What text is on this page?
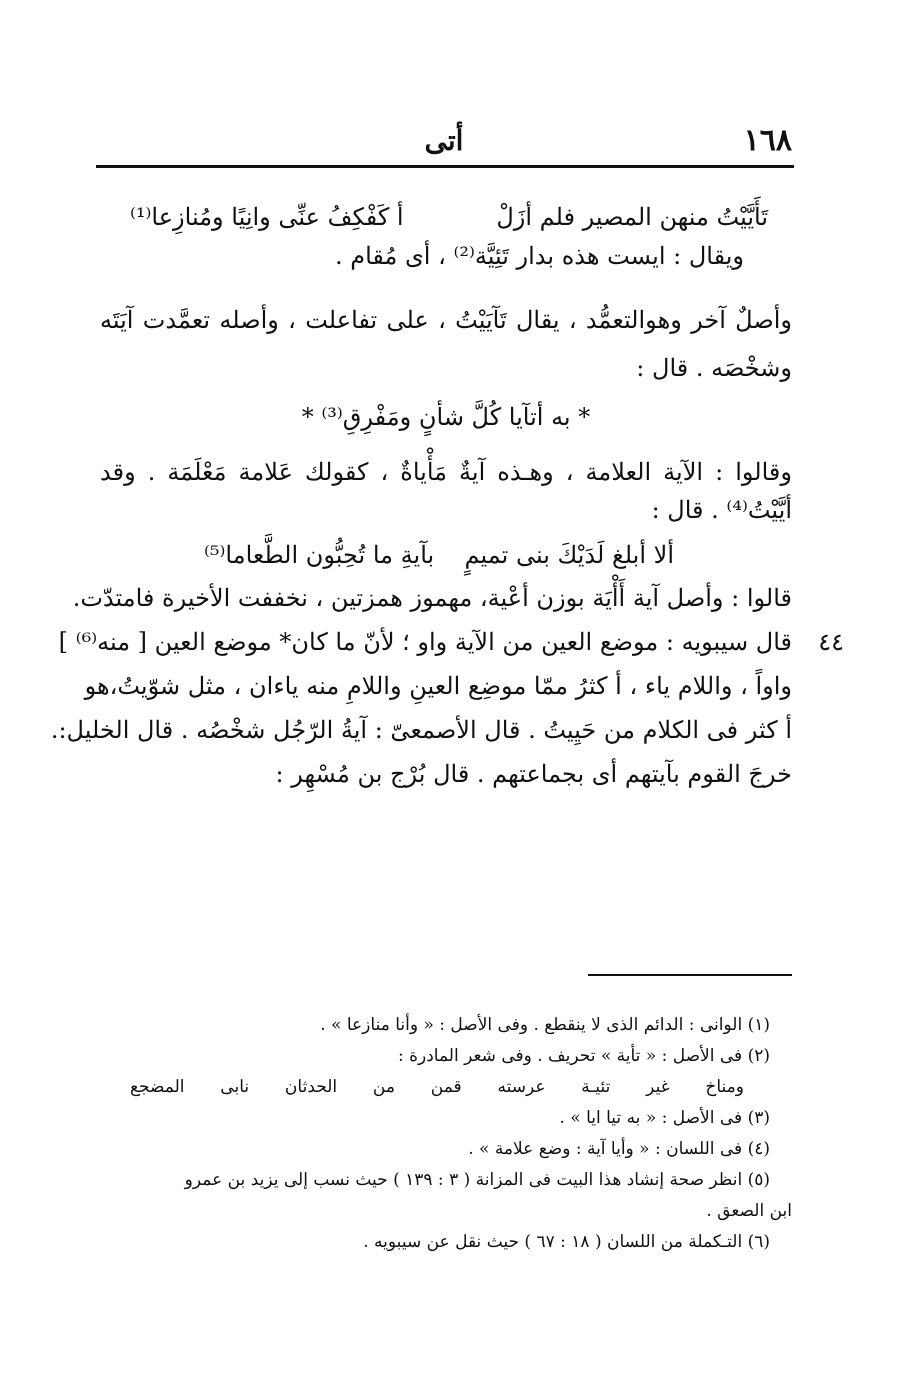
١٦٨
أتى
تَأَيَّيْتُ منهن المصير فلم أزَلْ
أ كَفْكِفُ عنِّى وانِيًا ومُنازِعا⁽¹⁾
ويقال : ايست هذه بدار تَئِيَّة⁽²⁾ ، أى مُقام .
وأصلٌ آخر وهوالتعمُّد ، يقال تَآيَيْتُ ، على تفاعلت ، وأصله تعمَّدت آيَتَه
وشخْصَه . قال :
* به أتآيا كُلَّ شأنٍ ومَفْرِقِ⁽³⁾ *
وقالوا : الآية العلامة ، وهـذه آيةٌ مَأْياةٌ ، كقولك عَلامة مَعْلَمَة . وقد
أيَّيْتُ⁽⁴⁾ . قال :
ألا أبلغ لَدَيْكَ بنى تميمٍ
بآيةِ ما تُحِبُّون الطَّعاما⁽⁵⁾
قالوا : وأصل آية أَأْيَة بوزن أعْية، مهموز همزتين ، نخففت الأخيرة فامتدّت.
٤٤
قال سيبويه : موضع العين من الآية واو ؛ لأنّ ما كان* موضع العين [ منه⁽⁶⁾ ]
واواً ، واللام ياء ، أ كثرُ ممّا موضِع العينِ واللامِ منه ياءان ، مثل شوّيتُ،هو
أ كثر فى الكلام من حَيِيتُ . قال الأصمعىّ : آيةُ الرّجُل شخْصُه . قال الخليل:.
خرجَ القوم بآيتهم أى بجماعتهم . قال بُرْج بن مُسْهِر :
(١) الوانى : الدائم الذى لا ينقطع . وفى الأصل : « وأنا منازعا » .
(٢) فى الأصل : « تأية » تحريف . وفى شعر المادرة :
ومناخ غير تئيـة عرسته قمن من الحدثان نابى المضجع
(٣) فى الأصل : « به تيا ايا » .
(٤) فى اللسان : « وأيا آية : وضع علامة » .
(٥) انظر صحة إنشاد هذا البيت فى المزانة ( ٣ : ١٣٩ ) حيث نسب إلى يزيد بن عمرو
ابن الصعق .
(٦) التـكملة من اللسان ( ١٨ : ٦٧ ) حيث نقل عن سيبويه .
